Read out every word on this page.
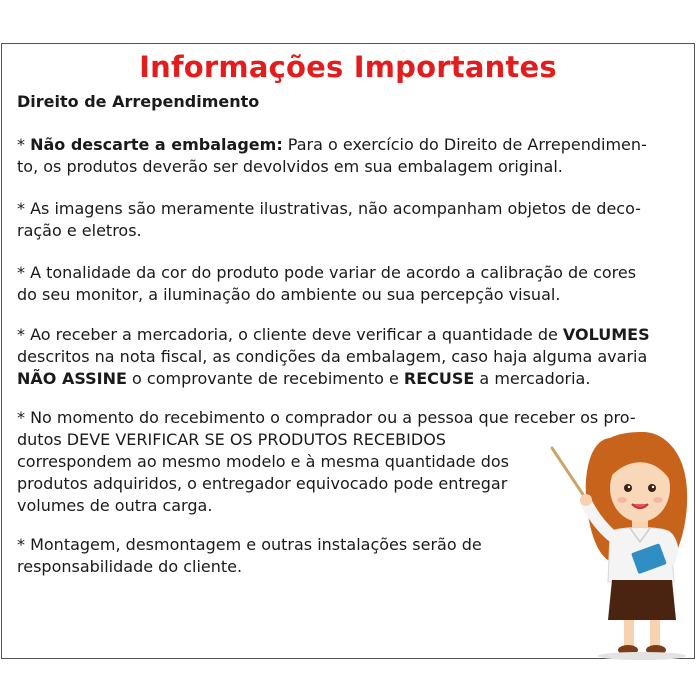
Informações Importantes
Direito de Arrependimento

* Não descarte a embalagem: Para o exercício do Direito de Arrependimen-
to, os produtos deverão ser devolvidos em sua embalagem original.

* As imagens são meramente ilustrativas, não acompanham objetos de deco-
ração e eletros.

* A tonalidade da cor do produto pode variar de acordo a calibração de cores
do seu monitor, a iluminação do ambiente ou sua percepção visual.

* Ao receber a mercadoria, o cliente deve verificar a quantidade de VOLUMES
descritos na nota fiscal, as condições da embalagem, caso haja alguma avaria
NÃO ASSINE o comprovante de recebimento e RECUSE a mercadoria.

* No momento do recebimento o comprador ou a pessoa que receber os pro-
dutos DEVE VERIFICAR SE OS PRODUTOS RECEBIDOS
correspondem ao mesmo modelo e à mesma quantidade dos
produtos adquiridos, o entregador equivocado pode entregar
volumes de outra carga.

* Montagem, desmontagem e outras instalações serão de
responsabilidade do cliente.
